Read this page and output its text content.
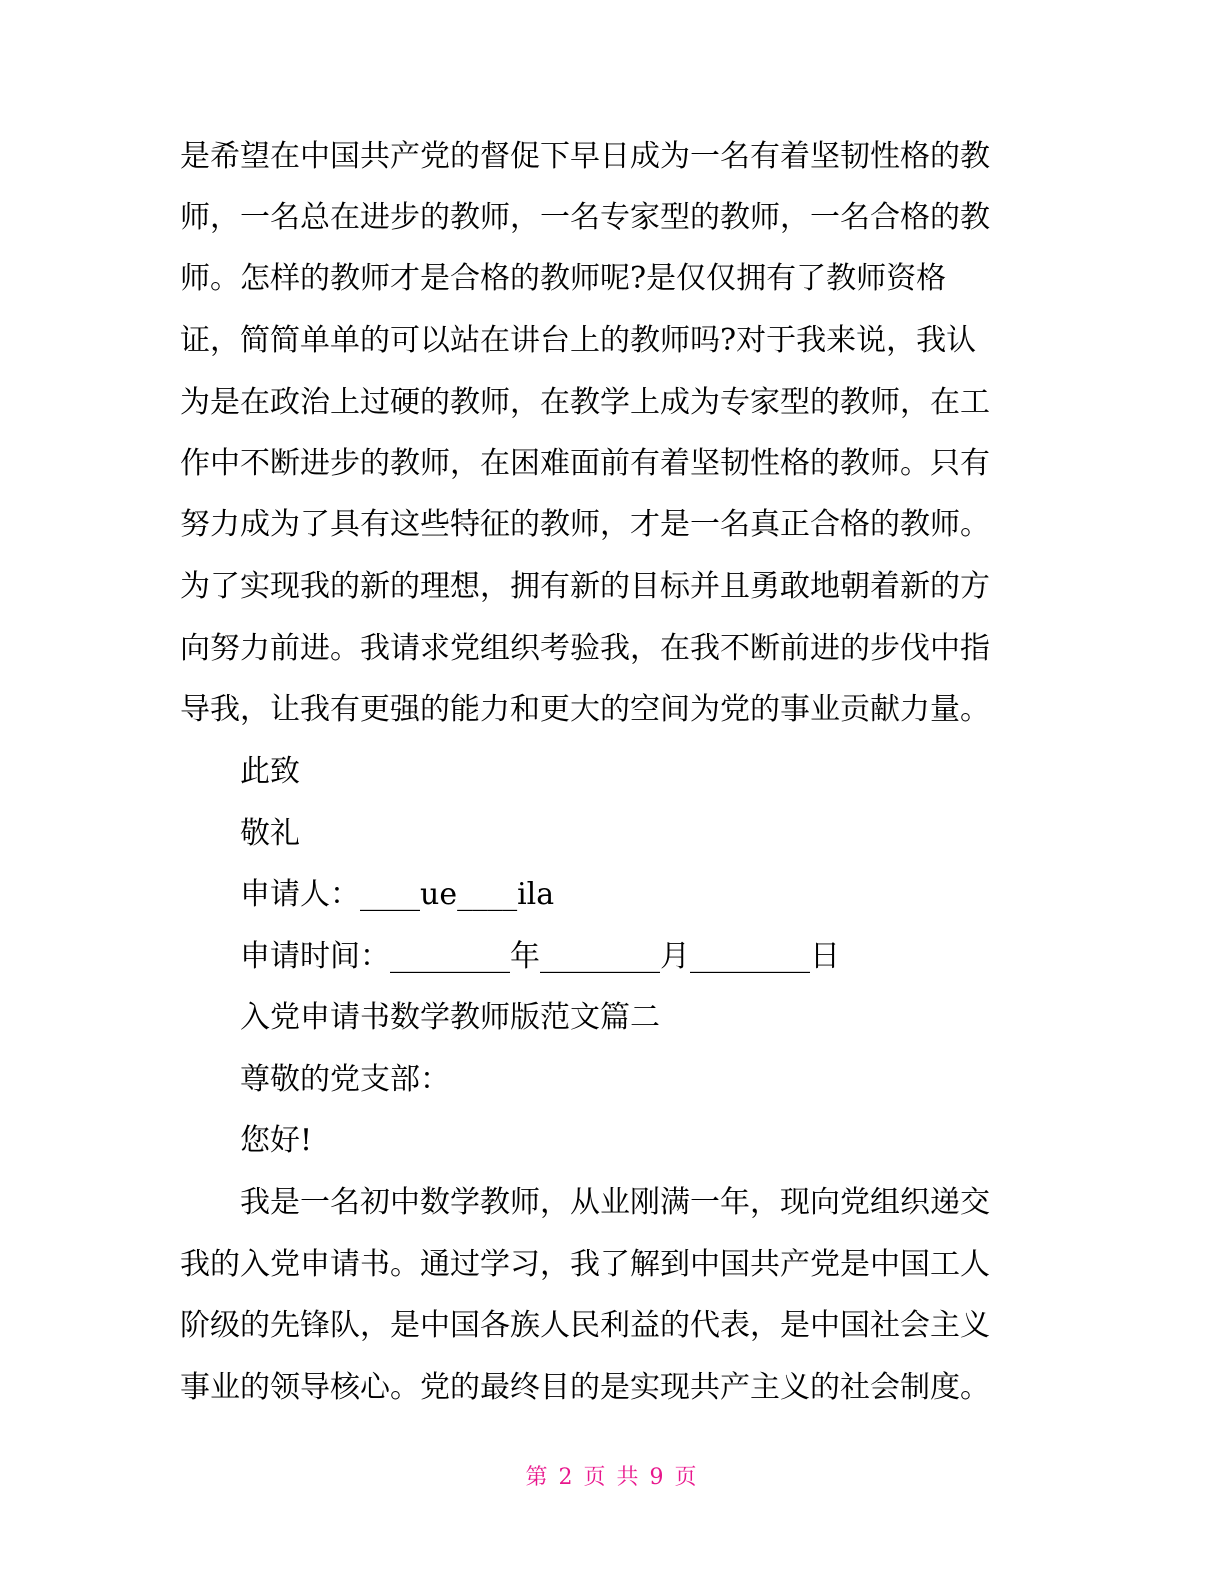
是希望在中国共产党的督促下早日成为一名有着坚韧性格的教
师，一名总在进步的教师，一名专家型的教师，一名合格的教
师。怎样的教师才是合格的教师呢?是仅仅拥有了教师资格
证，简简单单的可以站在讲台上的教师吗?对于我来说，我认
为是在政治上过硬的教师，在教学上成为专家型的教师，在工
作中不断进步的教师，在困难面前有着坚韧性格的教师。只有
努力成为了具有这些特征的教师，才是一名真正合格的教师。
为了实现我的新的理想，拥有新的目标并且勇敢地朝着新的方
向努力前进。我请求党组织考验我，在我不断前进的步伐中指
导我，让我有更强的能力和更大的空间为党的事业贡献力量。
此致
敬礼
申请人：____ue____ila
申请时间：________年________月________日
入党申请书数学教师版范文篇二
尊敬的党支部：
您好!
我是一名初中数学教师，从业刚满一年，现向党组织递交
我的入党申请书。通过学习，我了解到中国共产党是中国工人
阶级的先锋队，是中国各族人民利益的代表，是中国社会主义
事业的领导核心。党的最终目的是实现共产主义的社会制度。
第 2 页 共 9 页
